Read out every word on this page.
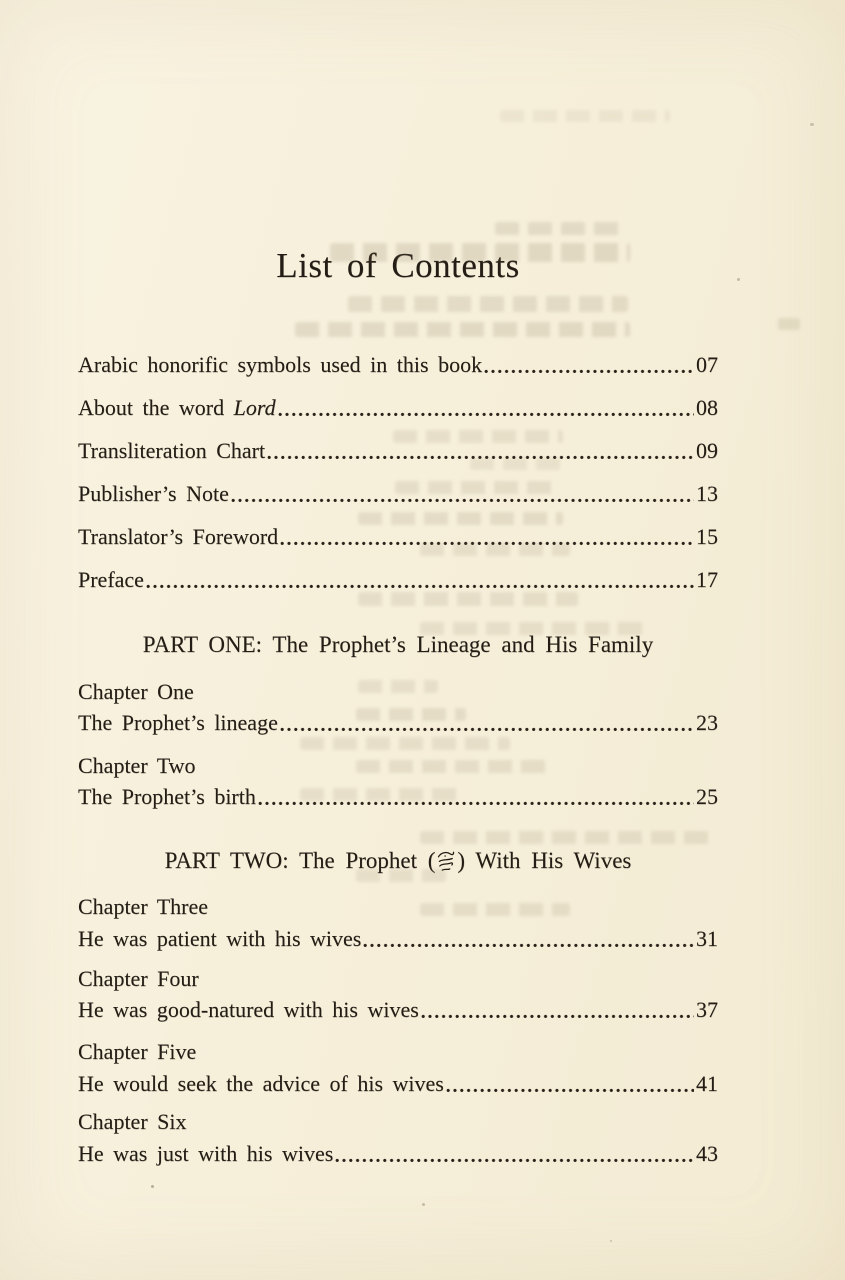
List of Contents
Arabic honorific symbols used in this book	07
About the word Lord	08
Transliteration Chart	09
Publisher’s Note	13
Translator’s Foreword	15
Preface	17
PART ONE: The Prophet’s Lineage and His Family
Chapter One
The Prophet’s lineage	23
Chapter Two
The Prophet’s birth	25
PART TWO: The Prophet ( ) With His Wives
Chapter Three
He was patient with his wives	31
Chapter Four
He was good-natured with his wives	37
Chapter Five
He would seek the advice of his wives	41
Chapter Six
He was just with his wives	43
